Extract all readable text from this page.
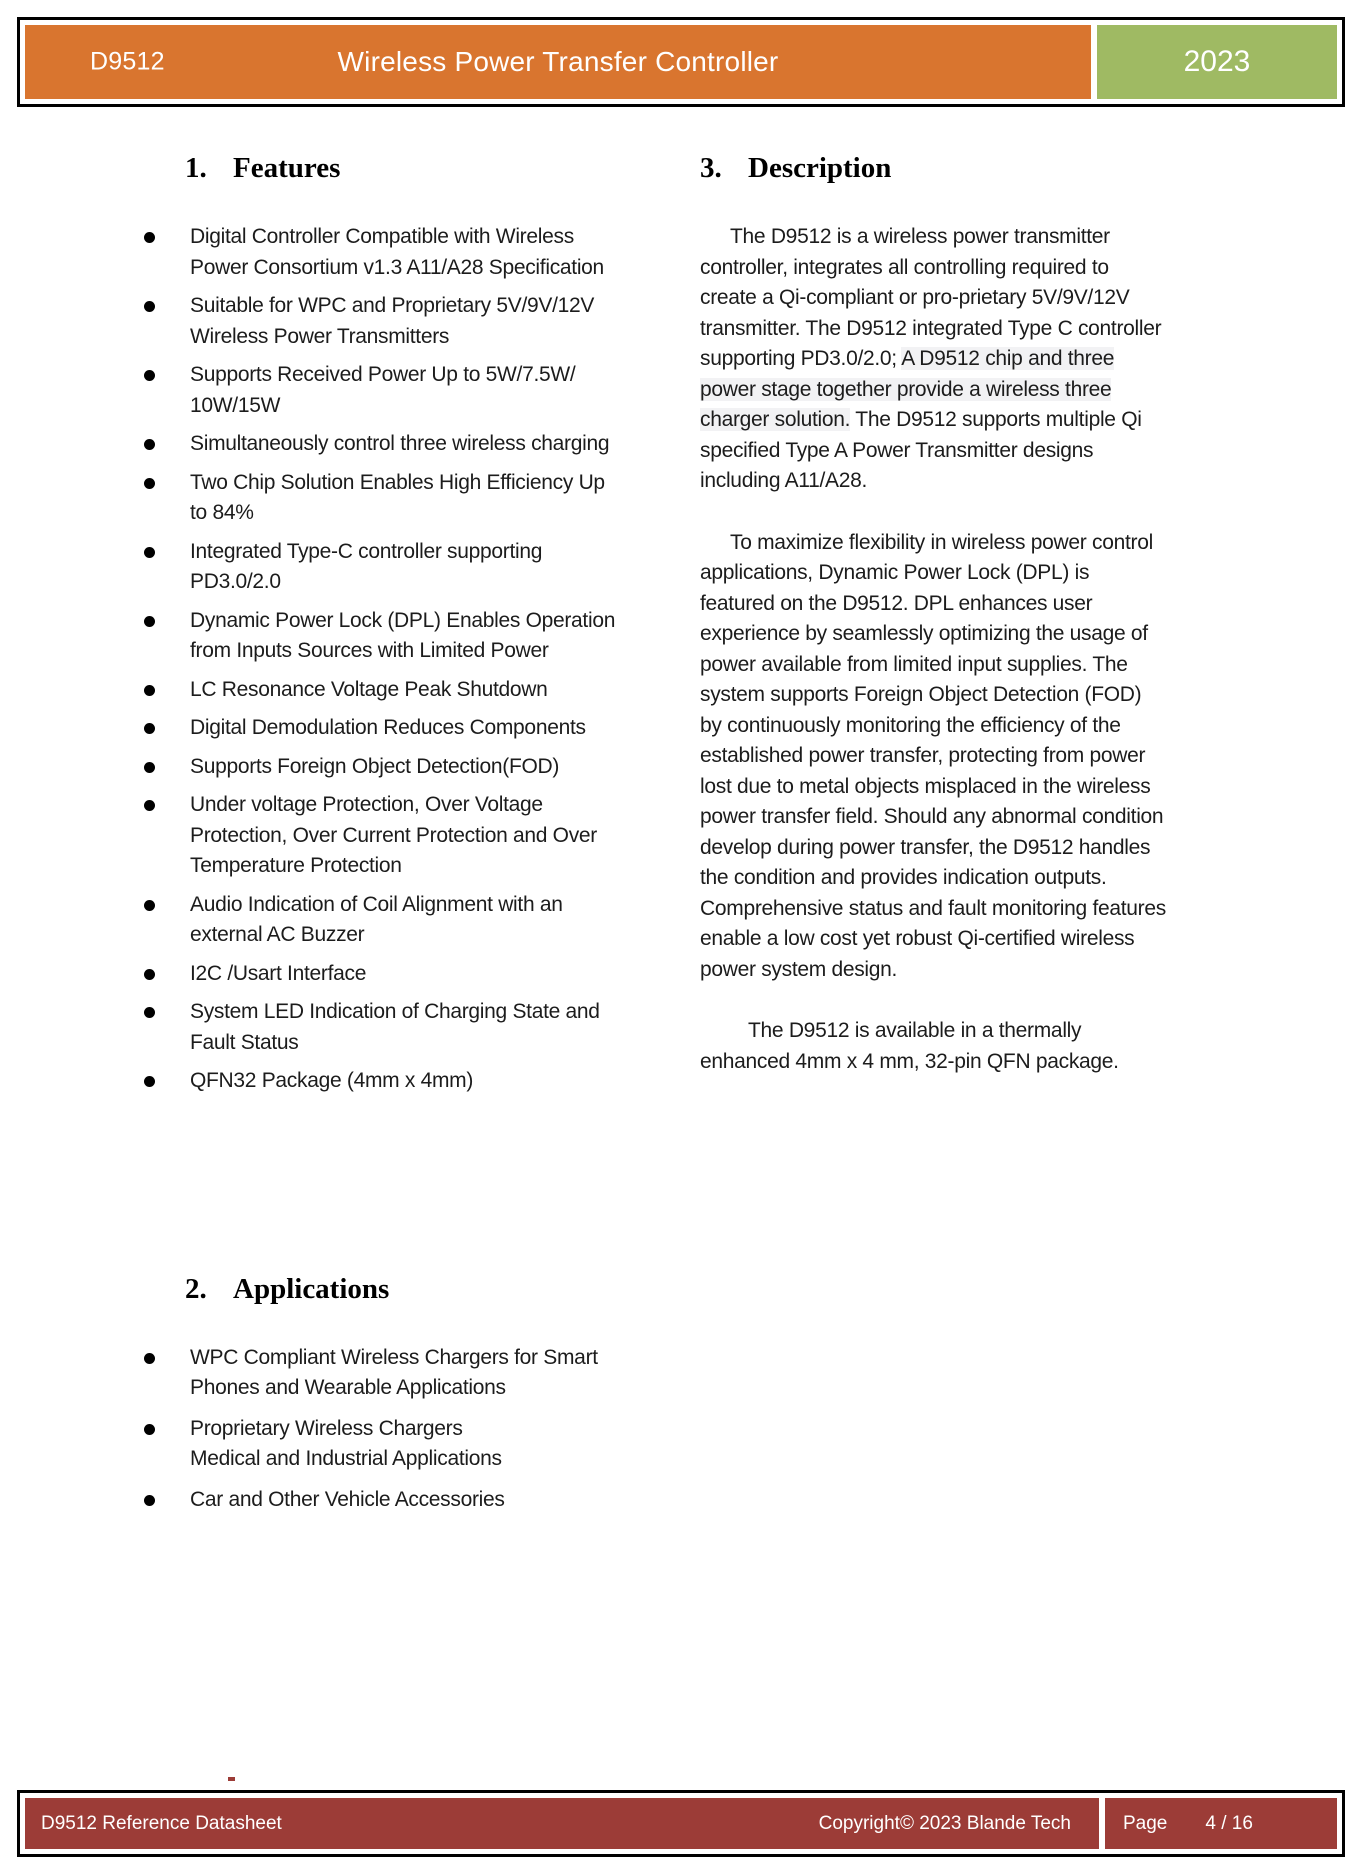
D9512	Wireless Power Transfer Controller	2023
1. Features
Digital Controller Compatible with Wireless Power Consortium v1.3 A11/A28 Specification
Suitable for WPC and Proprietary 5V/9V/12V Wireless Power Transmitters
Supports Received Power Up to 5W/7.5W/ 10W/15W
Simultaneously control three wireless charging
Two Chip Solution Enables High Efficiency Up to 84%
Integrated Type-C controller supporting PD3.0/2.0
Dynamic Power Lock (DPL) Enables Operation from Inputs Sources with Limited Power
LC Resonance Voltage Peak Shutdown
Digital Demodulation Reduces Components
Supports Foreign Object Detection(FOD)
Under voltage Protection, Over Voltage Protection, Over Current Protection and Over Temperature Protection
Audio Indication of Coil Alignment with an external AC Buzzer
I2C /Usart Interface
System LED Indication of Charging State and Fault Status
QFN32 Package (4mm x 4mm)
2. Applications
WPC Compliant Wireless Chargers for Smart Phones and Wearable Applications
Proprietary Wireless Chargers
Medical and Industrial Applications
Car and Other Vehicle Accessories
3. Description

The D9512 is a wireless power transmitter controller, integrates all controlling required to create a Qi-compliant or pro-prietary 5V/9V/12V transmitter. The D9512 integrated Type C controller supporting PD3.0/2.0; A D9512 chip and three power stage together provide a wireless three charger solution. The D9512 supports multiple Qi specified Type A Power Transmitter designs including A11/A28.

To maximize flexibility in wireless power control applications, Dynamic Power Lock (DPL) is featured on the D9512. DPL enhances user experience by seamlessly optimizing the usage of power available from limited input supplies. The system supports Foreign Object Detection (FOD) by continuously monitoring the efficiency of the established power transfer, protecting from power lost due to metal objects misplaced in the wireless power transfer field. Should any abnormal condition develop during power transfer, the D9512 handles the condition and provides indication outputs. Comprehensive status and fault monitoring features enable a low cost yet robust Qi-certified wireless power system design.

The D9512 is available in a thermally enhanced 4mm x 4 mm, 32-pin QFN package.

D9512 Reference Datasheet	Copyright© 2023 Blande Tech	Page 4 / 16
